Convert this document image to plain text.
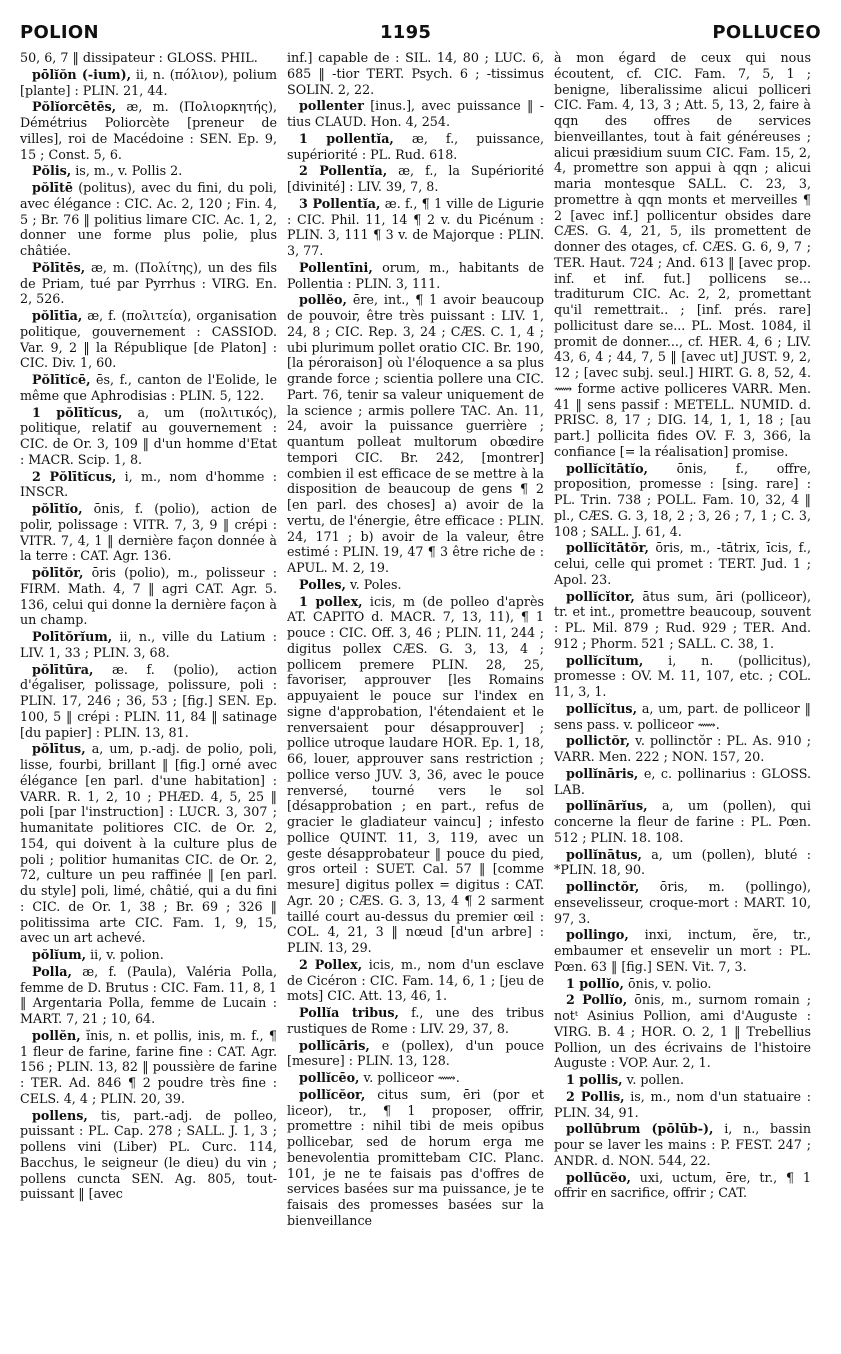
POLION	1195	POLLUCEO

50, 6, 7 ‖ dissipateur : GLOSS. PHIL.

pōlĭŏn (-ium), ii, n. (πόλιον), polium [plante] : PLIN. 21, 44.

Pŏlĭorcētēs, æ, m. (Πολιορκητής), Démétrius Poliorcète [preneur de villes], roi de Macédoine : SEN. Ep. 9, 15 ; Const. 5, 6.

Pŏlis, is, m., v. Pollis 2.

pŏlītē (politus), avec du fini, du poli, avec élégance : CIC. Ac. 2, 120 ; Fin. 4, 5 ; Br. 76 ‖ politius limare CIC. Ac. 1, 2, donner une forme plus polie, plus châtiée.

Pŏlītēs, æ, m. (Πολίτης), un des fils de Priam, tué par Pyrrhus : VIRG. En. 2, 526.

pŏlītīa, æ, f. (πολιτεία), organisation politique, gouvernement : CASSIOD. Var. 9, 2 ‖ la République [de Platon] : CIC. Div. 1, 60.

Pŏlītĭcē, ēs, f., canton de l'Eolide, le même que Aphrodisias : PLIN. 5, 122.

1 pŏlītĭcus, a, um (πολιτικός), politique, relatif au gouvernement : CIC. de Or. 3, 109 ‖ d'un homme d'Etat : MACR. Scip. 1, 8.

2 Pŏlītĭcus, i, m., nom d'homme : INSCR.

pŏlītĭo, ōnis, f. (polio), action de polir, polissage : VITR. 7, 3, 9 ‖ crépi : VITR. 7, 4, 1 ‖ dernière façon donnée à la terre : CAT. Agr. 136.

pŏlītŏr, ōris (polio), m., polisseur : FIRM. Math. 4, 7 ‖ agri CAT. Agr. 5. 136, celui qui donne la dernière façon à un champ.

Polītŏrĭum, ii, n., ville du Latium : LIV. 1, 33 ; PLIN. 3, 68.

pŏlītūra, æ. f. (polio), action d'égaliser, polissage, polissure, poli : PLIN. 17, 246 ; 36, 53 ; [fig.] SEN. Ep. 100, 5 ‖ crépi : PLIN. 11, 84 ‖ satinage [du papier] : PLIN. 13, 81.

pŏlītus, a, um, p.-adj. de polio, poli, lisse, fourbi, brillant ‖ [fig.] orné avec élégance [en parl. d'une habitation] : VARR. R. 1, 2, 10 ; PHÆD. 4, 5, 25 ‖ poli [par l'instruction] : LUCR. 3, 307 ; humanitate politiores CIC. de Or. 2, 154, qui doivent à la culture plus de poli ; politior humanitas CIC. de Or. 2, 72, culture un peu raffinée ‖ [en parl. du style] poli, limé, châtié, qui a du fini : CIC. de Or. 1, 38 ; Br. 69 ; 326 ‖ politissima arte CIC. Fam. 1, 9, 15, avec un art achevé.

pŏlĭum, ii, v. polion.

Polla, æ, f. (Paula), Valéria Polla, femme de D. Brutus : CIC. Fam. 11, 8, 1 ‖ Argentaria Polla, femme de Lucain : MART. 7, 21 ; 10, 64.

pollĕn, ĭnis, n. et pollis, inis, m. f., ¶ 1 fleur de farine, farine fine : CAT. Agr. 156 ; PLIN. 13, 82 ‖ poussière de farine : TER. Ad. 846 ¶ 2 poudre très fine : CELS. 4, 4 ; PLIN. 20, 39.

pollens, tis, part.-adj. de polleo, puissant : PL. Cap. 278 ; SALL. J. 1, 3 ; pollens vini (Liber) PL. Curc. 114, Bacchus, le seigneur (le dieu) du vin ; pollens cuncta SEN. Ag. 805, tout-puissant ‖ [avec

inf.] capable de : SIL. 14, 80 ; LUC. 6, 685 ‖ -tior TERT. Psych. 6 ; -tissimus SOLIN. 2, 22.

pollenter [inus.], avec puissance ‖ -tius CLAUD. Hon. 4, 254.

1 pollentĭa, æ, f., puissance, supériorité : PL. Rud. 618.

2 Pollentĭa, æ, f., la Supériorité [divinité] : LIV. 39, 7, 8.

3 Pollentĭa, æ. f., ¶ 1 ville de Ligurie : CIC. Phil. 11, 14 ¶ 2 v. du Picénum : PLIN. 3, 111 ¶ 3 v. de Majorque : PLIN. 3, 77.

Pollentīni, orum, m., habitants de Pollentia : PLIN. 3, 111.

pollĕo, ēre, int., ¶ 1 avoir beaucoup de pouvoir, être très puissant : LIV. 1, 24, 8 ; CIC. Rep. 3, 24 ; CÆS. C. 1, 4 ; ubi plurimum pollet oratio CIC. Br. 190, [la péroraison] où l'éloquence a sa plus grande force ; scientia pollere una CIC. Part. 76, tenir sa valeur uniquement de la science ; armis pollere TAC. An. 11, 24, avoir la puissance guerrière ; quantum polleat multorum obœdire tempori CIC. Br. 242, [montrer] combien il est efficace de se mettre à la disposition de beaucoup de gens ¶ 2 [en parl. des choses] a) avoir de la vertu, de l'énergie, être efficace : PLIN. 24, 171 ; b) avoir de la valeur, être estimé : PLIN. 19, 47 ¶ 3 être riche de : APUL. M. 2, 19.

Polles, v. Poles.

1 pollex, icis, m (de polleo d'après AT. CAPITO d. MACR. 7, 13, 11), ¶ 1 pouce : CIC. Off. 3, 46 ; PLIN. 11, 244 ; digitus pollex CÆS. G. 3, 13, 4 ; pollicem premere PLIN. 28, 25, favoriser, approuver [les Romains appuyaient le pouce sur l'index en signe d'approbation, l'étendaient et le renversaient pour désapprouver] ; pollice utroque laudare HOR. Ep. 1, 18, 66, louer, approuver sans restriction ; pollice verso JUV. 3, 36, avec le pouce renversé, tourné vers le sol [désapprobation ; en part., refus de gracier le gladiateur vaincu] ; infesto pollice QUINT. 11, 3, 119, avec un geste désapprobateur ‖ pouce du pied, gros orteil : SUET. Cal. 57 ‖ [comme mesure] digitus pollex = digitus : CAT. Agr. 20 ; CÆS. G. 3, 13, 4 ¶ 2 sarment taillé court au-dessus du premier œil : COL. 4, 21, 3 ‖ nœud [d'un arbre] : PLIN. 13, 29.

2 Pollex, icis, m., nom d'un esclave de Cicéron : CIC. Fam. 14, 6, 1 ; [jeu de mots] CIC. Att. 13, 46, 1.

Pollĭa tribus, f., une des tribus rustiques de Rome : LIV. 29, 37, 8.

pollĭcāris, e (pollex), d'un pouce [mesure] : PLIN. 13, 128.

pollĭcēo, v. polliceor ⟿.

pollĭcĕor, citus sum, ēri (por et liceor), tr., ¶ 1 proposer, offrir, promettre : nihil tibi de meis opibus pollicebar, sed de horum erga me benevolentia promittebam CIC. Planc. 101, je ne te faisais pas d'offres de services basées sur ma puissance, je te faisais des promesses basées sur la bienveillance

à mon égard de ceux qui nous écoutent, cf. CIC. Fam. 7, 5, 1 ; benigne, liberalissime alicui polliceri CIC. Fam. 4, 13, 3 ; Att. 5, 13, 2, faire à qqn des offres de services bienveillantes, tout à fait généreuses ; alicui præsidium suum CIC. Fam. 15, 2, 4, promettre son appui à qqn ; alicui maria montesque SALL. C. 23, 3, promettre à qqn monts et merveilles ¶ 2 [avec inf.] pollicentur obsides dare CÆS. G. 4, 21, 5, ils promettent de donner des otages, cf. CÆS. G. 6, 9, 7 ; TER. Haut. 724 ; And. 613 ‖ [avec prop. inf. et inf. fut.] pollicens se... traditurum CIC. Ac. 2, 2, promettant qu'il remettrait.. ; [inf. prés. rare] pollicitust dare se... PL. Most. 1084, il promit de donner..., cf. HER. 4, 6 ; LIV. 43, 6, 4 ; 44, 7, 5 ‖ [avec ut] JUST. 9, 2, 12 ; [avec subj. seul.] HIRT. G. 8, 52, 4. ⟿ forme active polliceres VARR. Men. 41 ‖ sens passif : METELL. NUMID. d. PRISC. 8, 17 ; DIG. 14, 1, 1, 18 ; [au part.] pollicita fides OV. F. 3, 366, la confiance [= la réalisation] promise.

pollĭcĭtātĭo, ōnis, f., offre, proposition, promesse : [sing. rare] : PL. Trin. 738 ; POLL. Fam. 10, 32, 4 ‖ pl., CÆS. G. 3, 18, 2 ; 3, 26 ; 7, 1 ; C. 3, 108 ; SALL. J. 61, 4.

pollĭcĭtātŏr, ōris, m., -tātrix, īcis, f., celui, celle qui promet : TERT. Jud. 1 ; Apol. 23.

pollĭcĭtor, ātus sum, āri (polliceor), tr. et int., promettre beaucoup, souvent : PL. Mil. 879 ; Rud. 929 ; TER. And. 912 ; Phorm. 521 ; SALL. C. 38, 1.

pollĭcĭtum, i, n. (pollicitus), promesse : OV. M. 11, 107, etc. ; COL. 11, 3, 1.

pollĭcĭtus, a, um, part. de polliceor ‖ sens pass. v. polliceor ⟿.

pollictŏr, v. pollinctŏr : PL. As. 910 ; VARR. Men. 222 ; NON. 157, 20.

pollĭnāris, e, c. pollinarius : GLOSS. LAB.

pollĭnārĭus, a, um (pollen), qui concerne la fleur de farine : PL. Pœn. 512 ; PLIN. 18. 108.

pollĭnātus, a, um (pollen), bluté : *PLIN. 18, 90.

pollinctŏr, ōris, m. (pollingo), ensevelisseur, croque-mort : MART. 10, 97, 3.

pollingo, inxi, inctum, ĕre, tr., embaumer et ensevelir un mort : PL. Pœn. 63 ‖ [fig.] SEN. Vit. 7, 3.

1 pollĭo, ōnis, v. polio.

2 Pollĭo, ōnis, m., surnom romain ; notᵗ Asinius Pollion, ami d'Auguste : VIRG. B. 4 ; HOR. O. 2, 1 ‖ Trebellius Pollion, un des écrivains de l'histoire Auguste : VOP. Aur. 2, 1.

1 pollis, v. pollen.

2 Pollis, is, m., nom d'un statuaire : PLIN. 34, 91.

pollūbrum (pōlūb-), i, n., bassin pour se laver les mains : P. FEST. 247 ; ANDR. d. NON. 544, 22.

pollūcĕo, uxi, uctum, ēre, tr., ¶ 1 offrir en sacrifice, offrir ; CAT.
